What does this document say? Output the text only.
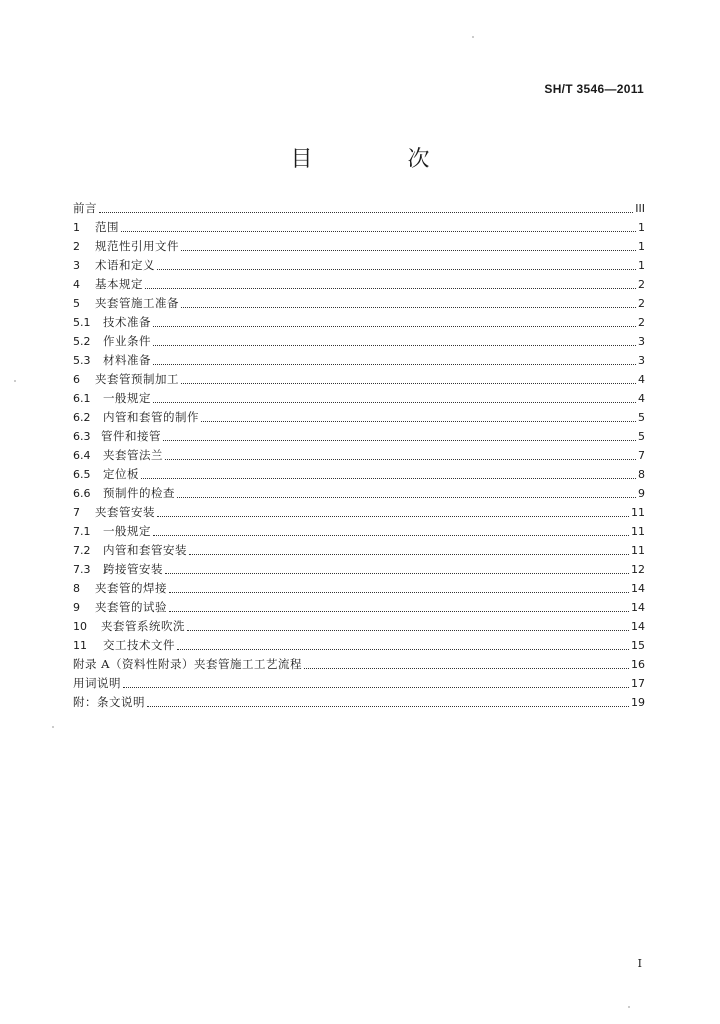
SH/T 3546—2011
目 次
前言	III
1	范围	1
2	规范性引用文件	1
3	术语和定义	1
4	基本规定	2
5	夹套管施工准备	2
5.1	技术准备	2
5.2	作业条件	3
5.3	材料准备	3
6	夹套管预制加工	4
6.1	一般规定	4
6.2	内管和套管的制作	5
6.3 管件和接管	5
6.4	夹套管法兰	7
6.5	定位板	8
6.6	预制件的检查	9
7	夹套管安装	11
7.1	一般规定	11
7.2	内管和套管安装	11
7.3	跨接管安装	12
8	夹套管的焊接	14
9	夹套管的试验	14
10	夹套管系统吹洗	14
11	交工技术文件	15
附录 A（资料性附录）夹套管施工工艺流程	16
用词说明	17
附：条文说明	19
I
